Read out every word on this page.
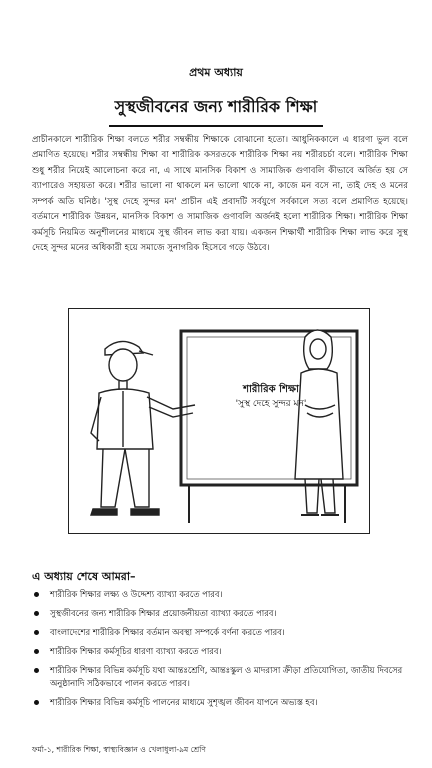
প্রথম অধ্যায়
সুস্থজীবনের জন্য শারীরিক শিক্ষা

প্রাচীনকালে শারীরিক শিক্ষা বলতে শরীর সম্বন্ধীয় শিক্ষাকে বোঝানো হতো। আধুনিককালে এ ধারণা ভুল বলে প্রমাণিত হয়েছে। শরীর সম্বন্ধীয় শিক্ষা বা শারীরিক কসরতকে শারীরিক শিক্ষা নয় শরীরচর্চা বলে। শারীরিক শিক্ষা শুধু শরীর নিয়েই আলোচনা করে না, এ সাথে মানসিক বিকাশ ও সামাজিক গুণাবলি কীভাবে অর্জিত হয় সে ব্যাপারেও সহায়তা করে। শরীর ভালো না থাকলে মন ভালো থাকে না, কাজে মন বসে না, তাই দেহ ও মনের সম্পর্ক অতি ঘনিষ্ঠ। 'সুস্থ দেহে সুন্দর মন' প্রাচীন এই প্রবাদটি সর্বযুগে সর্বকালে সত্য বলে প্রমাণিত হয়েছে। বর্তমানে শারীরিক উন্নয়ন, মানসিক বিকাশ ও সামাজিক গুণাবলি অর্জনই হলো শারীরিক শিক্ষা। শারীরিক শিক্ষা কর্মসূচি নিয়মিত অনুশীলনের মাধ্যমে সুস্থ জীবন লাভ করা যায়। একজন শিক্ষার্থী শারীরিক শিক্ষা লাভ করে সুস্থ দেহে সুন্দর মনের অধিকারী হয়ে সমাজে সুনাগরিক হিসেবে গড়ে উঠবে।

শারীরিক শিক্ষা
'সুস্থ দেহে সুন্দর মন'
এ অধ্যায় শেষে আমরা–
শারীরিক শিক্ষার লক্ষ্য ও উদ্দেশ্য ব্যাখ্যা করতে পারব।
সুস্থজীবনের জন্য শারীরিক শিক্ষার প্রয়োজনীয়তা ব্যাখ্যা করতে পারব।
বাংলাদেশের শারীরিক শিক্ষার বর্তমান অবস্থা সম্পর্কে বর্ণনা করতে পারব।
শারীরিক শিক্ষার কর্মসূচির ধারণা ব্যাখ্যা করতে পারব।
শারীরিক শিক্ষার বিভিন্ন কর্মসূচি যথা আন্তঃশ্রেণি, আন্তঃস্কুল ও মাদরাসা ক্রীড়া প্রতিযোগিতা, জাতীয় দিবসের অনুষ্ঠানাদি সঠিকভাবে পালন করতে পারব।
শারীরিক শিক্ষার বিভিন্ন কর্মসূচি পালনের মাধ্যমে সুশৃঙ্খল জীবন যাপনে অভ্যস্ত হব।
ফর্মা-১, শারীরিক শিক্ষা, স্বাস্থ্যবিজ্ঞান ও খেলাধুলা-৯ম শ্রেণি
